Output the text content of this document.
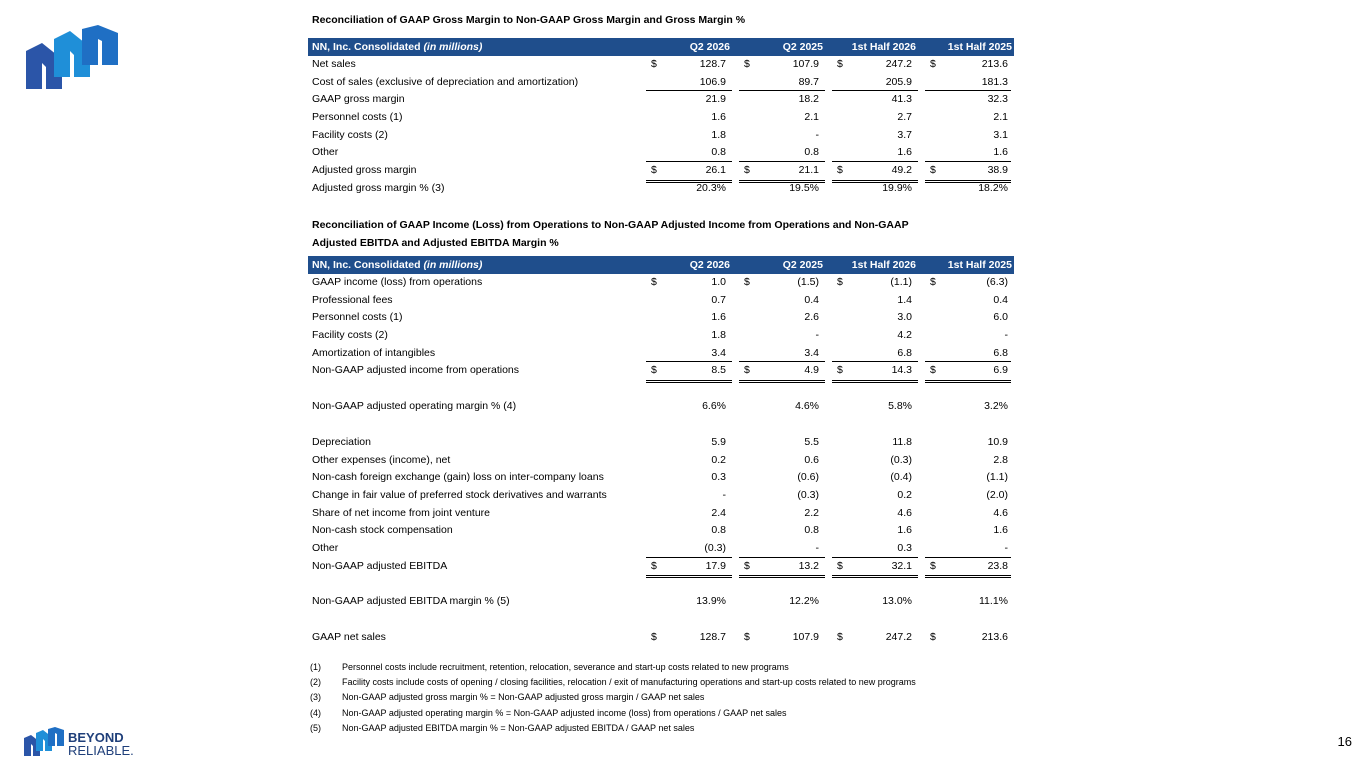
Reconciliation of GAAP Gross Margin to Non-GAAP Gross Margin and Gross Margin %
NN, Inc. Consolidated (in millions)	Q2 2026	Q2 2025	1st Half 2026	1st Half 2025
Net sales	$	128.7 $	107.9 $	247.2 $	213.6
Cost of sales (exclusive of depreciation and amortization)	106.9	89.7	205.9	181.3
GAAP gross margin	21.9	18.2	41.3	32.3
Personnel costs (1)	1.6	2.1	2.7	2.1
Facility costs (2)	1.8	-	3.7	3.1
Other	0.8	0.8	1.6	1.6
Adjusted gross margin	$	26.1 $	21.1 $	49.2 $	38.9
Adjusted gross margin % (3)	20.3%	19.5%	19.9%	18.2%
Reconciliation of GAAP Income (Loss) from Operations to Non-GAAP Adjusted Income from Operations and Non-GAAP
Adjusted EBITDA and Adjusted EBITDA Margin %
NN, Inc. Consolidated (in millions)	Q2 2026	Q2 2025	1st Half 2026	1st Half 2025
GAAP income (loss) from operations	$	1.0 $	(1.5) $	(1.1) $	(6.3)
Professional fees	0.7	0.4	1.4	0.4
Personnel costs (1)	1.6	2.6	3.0	6.0
Facility costs (2)	1.8	-	4.2	-
Amortization of intangibles	3.4	3.4	6.8	6.8
Non-GAAP adjusted income from operations	$	8.5 $	4.9 $	14.3 $	6.9
Non-GAAP adjusted operating margin % (4)	6.6%	4.6%	5.8%	3.2%
Depreciation	5.9	5.5	11.8	10.9
Other expenses (income), net	0.2	0.6	(0.3)	2.8
Non-cash foreign exchange (gain) loss on inter-company loans	0.3	(0.6)	(0.4)	(1.1)
Change in fair value of preferred stock derivatives and warrants	-	(0.3)	0.2	(2.0)
Share of net income from joint venture	2.4	2.2	4.6	4.6
Non-cash stock compensation	0.8	0.8	1.6	1.6
Other	(0.3)	-	0.3	-
Non-GAAP adjusted EBITDA	$	17.9 $	13.2 $	32.1 $	23.8
Non-GAAP adjusted EBITDA margin % (5)	13.9%	12.2%	13.0%	11.1%
GAAP net sales	$	128.7 $	107.9 $	247.2 $	213.6
(1) Personnel costs include recruitment, retention, relocation, severance and start-up costs related to new programs
(2) Facility costs include costs of opening / closing facilities, relocation / exit of manufacturing operations and start-up costs related to new programs
(3) Non-GAAP adjusted gross margin % = Non-GAAP adjusted gross margin / GAAP net sales
(4) Non-GAAP adjusted operating margin % = Non-GAAP adjusted income (loss) from operations / GAAP net sales
(5) Non-GAAP adjusted EBITDA margin % = Non-GAAP adjusted EBITDA / GAAP net sales
BEYOND
RELIABLE.
16
